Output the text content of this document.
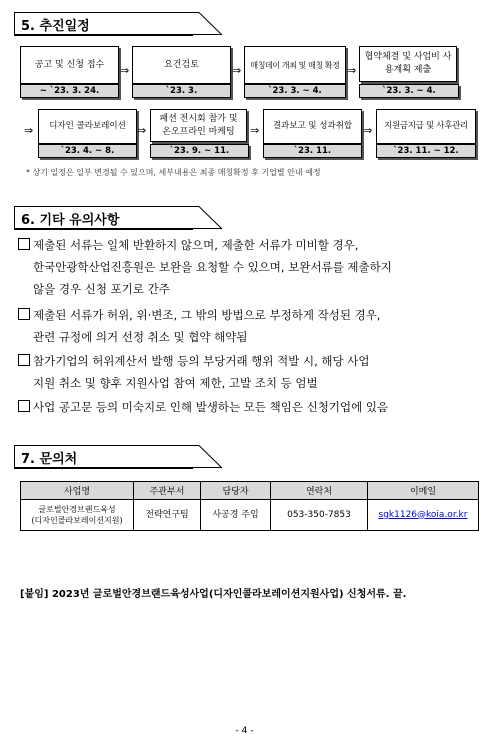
5. 추진일정
공고 및 신청 접수
~ `23. 3. 24.
⇒	요건검토
`23. 3.
⇒ 매칭데이 개최 및 매칭 확정
`23. 3. ~ 4.
⇒
협약체결 및 사업비 사용계획 제출
`23. 3. ~ 4.
⇒ 디자인 콜라보레이션
`23. 4. ~ 8.
⇒
패션 전시회 참가 및 온오프라인 마케팅
`23. 9. ~ 11.
⇒ 결과보고 및 성과취합
`23. 11.
⇒ 지원금지급 및 사후관리
`23. 11. ~ 12.
* 상기 일정은 일부 변경될 수 있으며, 세부내용은 최종 매칭확정 후 기업별 안내 예정
6. 기타 유의사항
제출된 서류는 일체 반환하지 않으며, 제출한 서류가 미비할 경우,
한국안광학산업진흥원은 보완을 요청할 수 있으며, 보완서류를 제출하지
않을 경우 신청 포기로 간주
제출된 서류가 허위, 위·변조, 그 밖의 방법으로 부정하게 작성된 경우,
관련 규정에 의거 선정 취소 및 협약 해약됨
참가기업의 허위계산서 발행 등의 부당거래 행위 적발 시, 해당 사업
지원 취소 및 향후 지원사업 참여 제한, 고발 조치 등 엄벌
사업 공고문 등의 미숙지로 인해 발생하는 모든 책임은 신청기업에 있음
7. 문의처
사업명	주관부서	담당자	연락처	이메일

글로벌안경브랜드육성
(디자인콜라보레이션지원)	전략연구팀	사공경 주임	053-350-7853	sgk1126@koia.or.kr
[붙임] 2023년 글로벌안경브랜드육성사업(디자인콜라보레이션지원사업) 신청서류. 끝.
- 4 -
